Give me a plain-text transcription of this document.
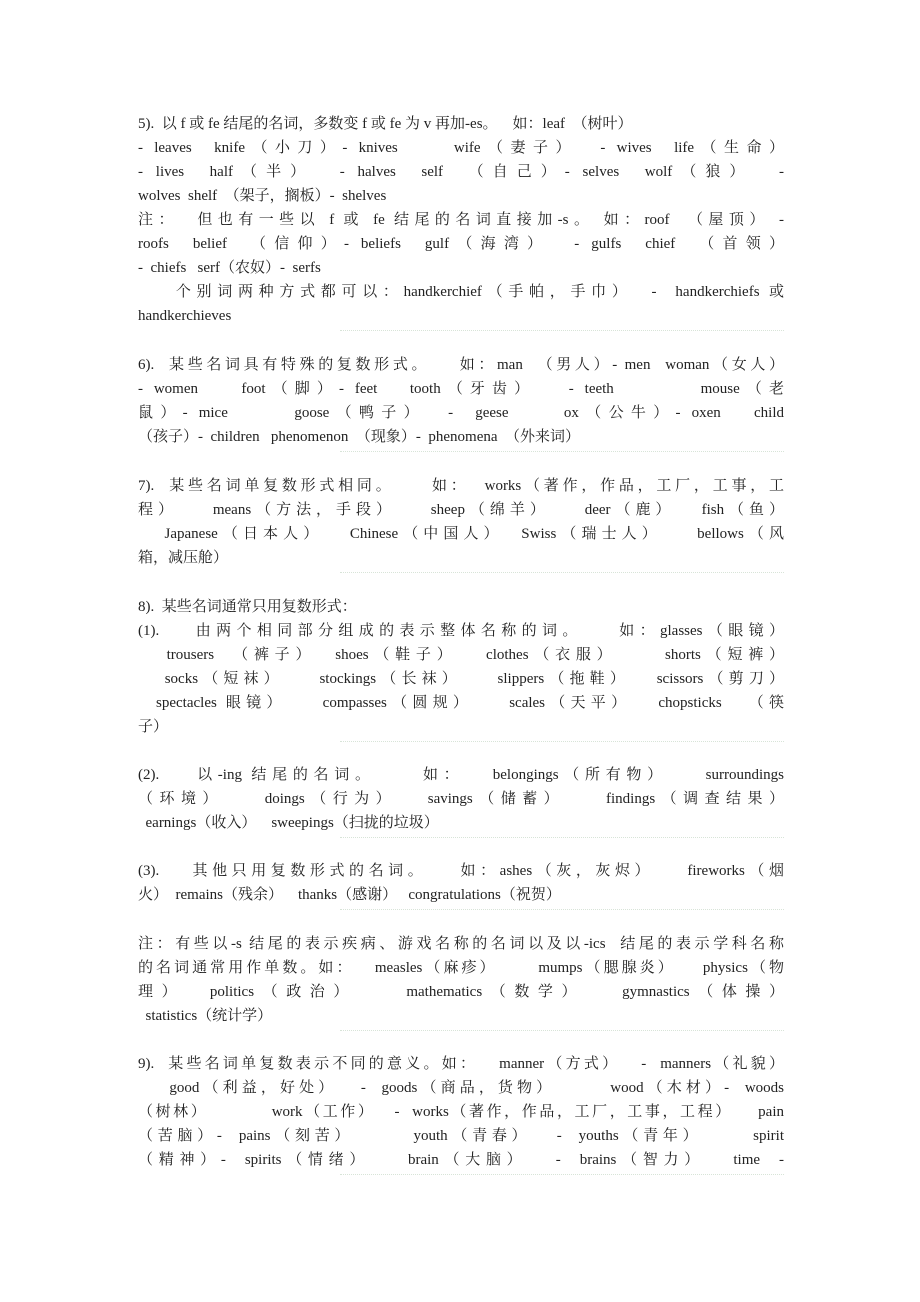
5).  以 f 或 fe 结尾的名词，多数变 f 或 fe 为 v 再加-es。    如：leaf  （树叶）
- leaves  knife（小刀）- knives     wife（妻子）  - wives  life（生命）
- lives  half（半）  - halves  self  （自己）- selves  wolf（狼）  -
wolves  shelf  （架子，搁板）-  shelves
注：  但也有一些以 f 或 fe 结尾的名词直接加-s。 如：roof  （屋顶） -
roofs  belief  （信仰）- beliefs  gulf（海湾）  - gulfs  chief  （首领）
-  chiefs   serf（农奴）-  serfs
个别词两种方式都可以：handkerchief（手帕，手巾）  -  handkerchiefs 或
handkerchieves
6).  某些名词具有特殊的复数形式。    如：man  （男人）- men  woman（女人）
- women    foot（脚）- feet   tooth（牙齿）   - teeth        mouse（老
鼠）- mice      goose（鸭子）  -  geese     ox（公牛）- oxen   child
（孩子）-  children   phenomenon  （现象）-  phenomena  （外来词）
7).  某些名词单复数形式相同。     如：  works（著作，作品，工厂，工事，工
程）    means（方法，手段）    sheep（绵羊）    deer（鹿）   fish（鱼）
Japanese（日本人）   Chinese（中国人）  Swiss（瑞士人）    bellows（风
箱，减压舱）
8).  某些名词通常只用复数形式：
(1).    由两个相同部分组成的表示整体名称的词。    如：glasses（眼镜）
trousers  （裤子）  shoes（鞋子）   clothes（衣服）     shorts（短裤）
socks（短袜）    stockings（长袜）    slippers（拖鞋）   scissors（剪刀）
spectacles 眼镜）    compasses（圆规）    scales（天平）   chopsticks   （筷
子）
(2).    以-ing 结尾的名词。     如：   belongings（所有物）    surroundings
（环境）    doings（行为）   savings（储蓄）    findings（调查结果）
earnings（收入）    sweepings（扫拢的垃圾）
(3).    其他只用复数形式的名词。    如：ashes（灰，灰烬）    fireworks（烟
火）  remains（残余）    thanks（感谢）   congratulations（祝贺）
注：有些以-s 结尾的表示疾病、游戏名称的名词以及以-ics  结尾的表示学科名称
的名词通常用作单数。如：   measles（麻疹）      mumps（腮腺炎）    physics（物
理）  politics（政治）    mathematics（数学）   gymnastics（体操）
statistics（统计学）
9).  某些名词单复数表示不同的意义。如：   manner（方式）   -  manners（礼貌）
good（利益，好处）   -  goods（商品，货物）       wood（木材）-  woods
（树林）          work（工作）   -  works（著作，作品，工厂，工事，工程）    pain
（苦脑）-  pains（刻苦）       youth（青春）   -  youths（青年）      spirit
（精神）-  spirits（情绪）    brain（大脑）   -  brains（智力）   time  -
